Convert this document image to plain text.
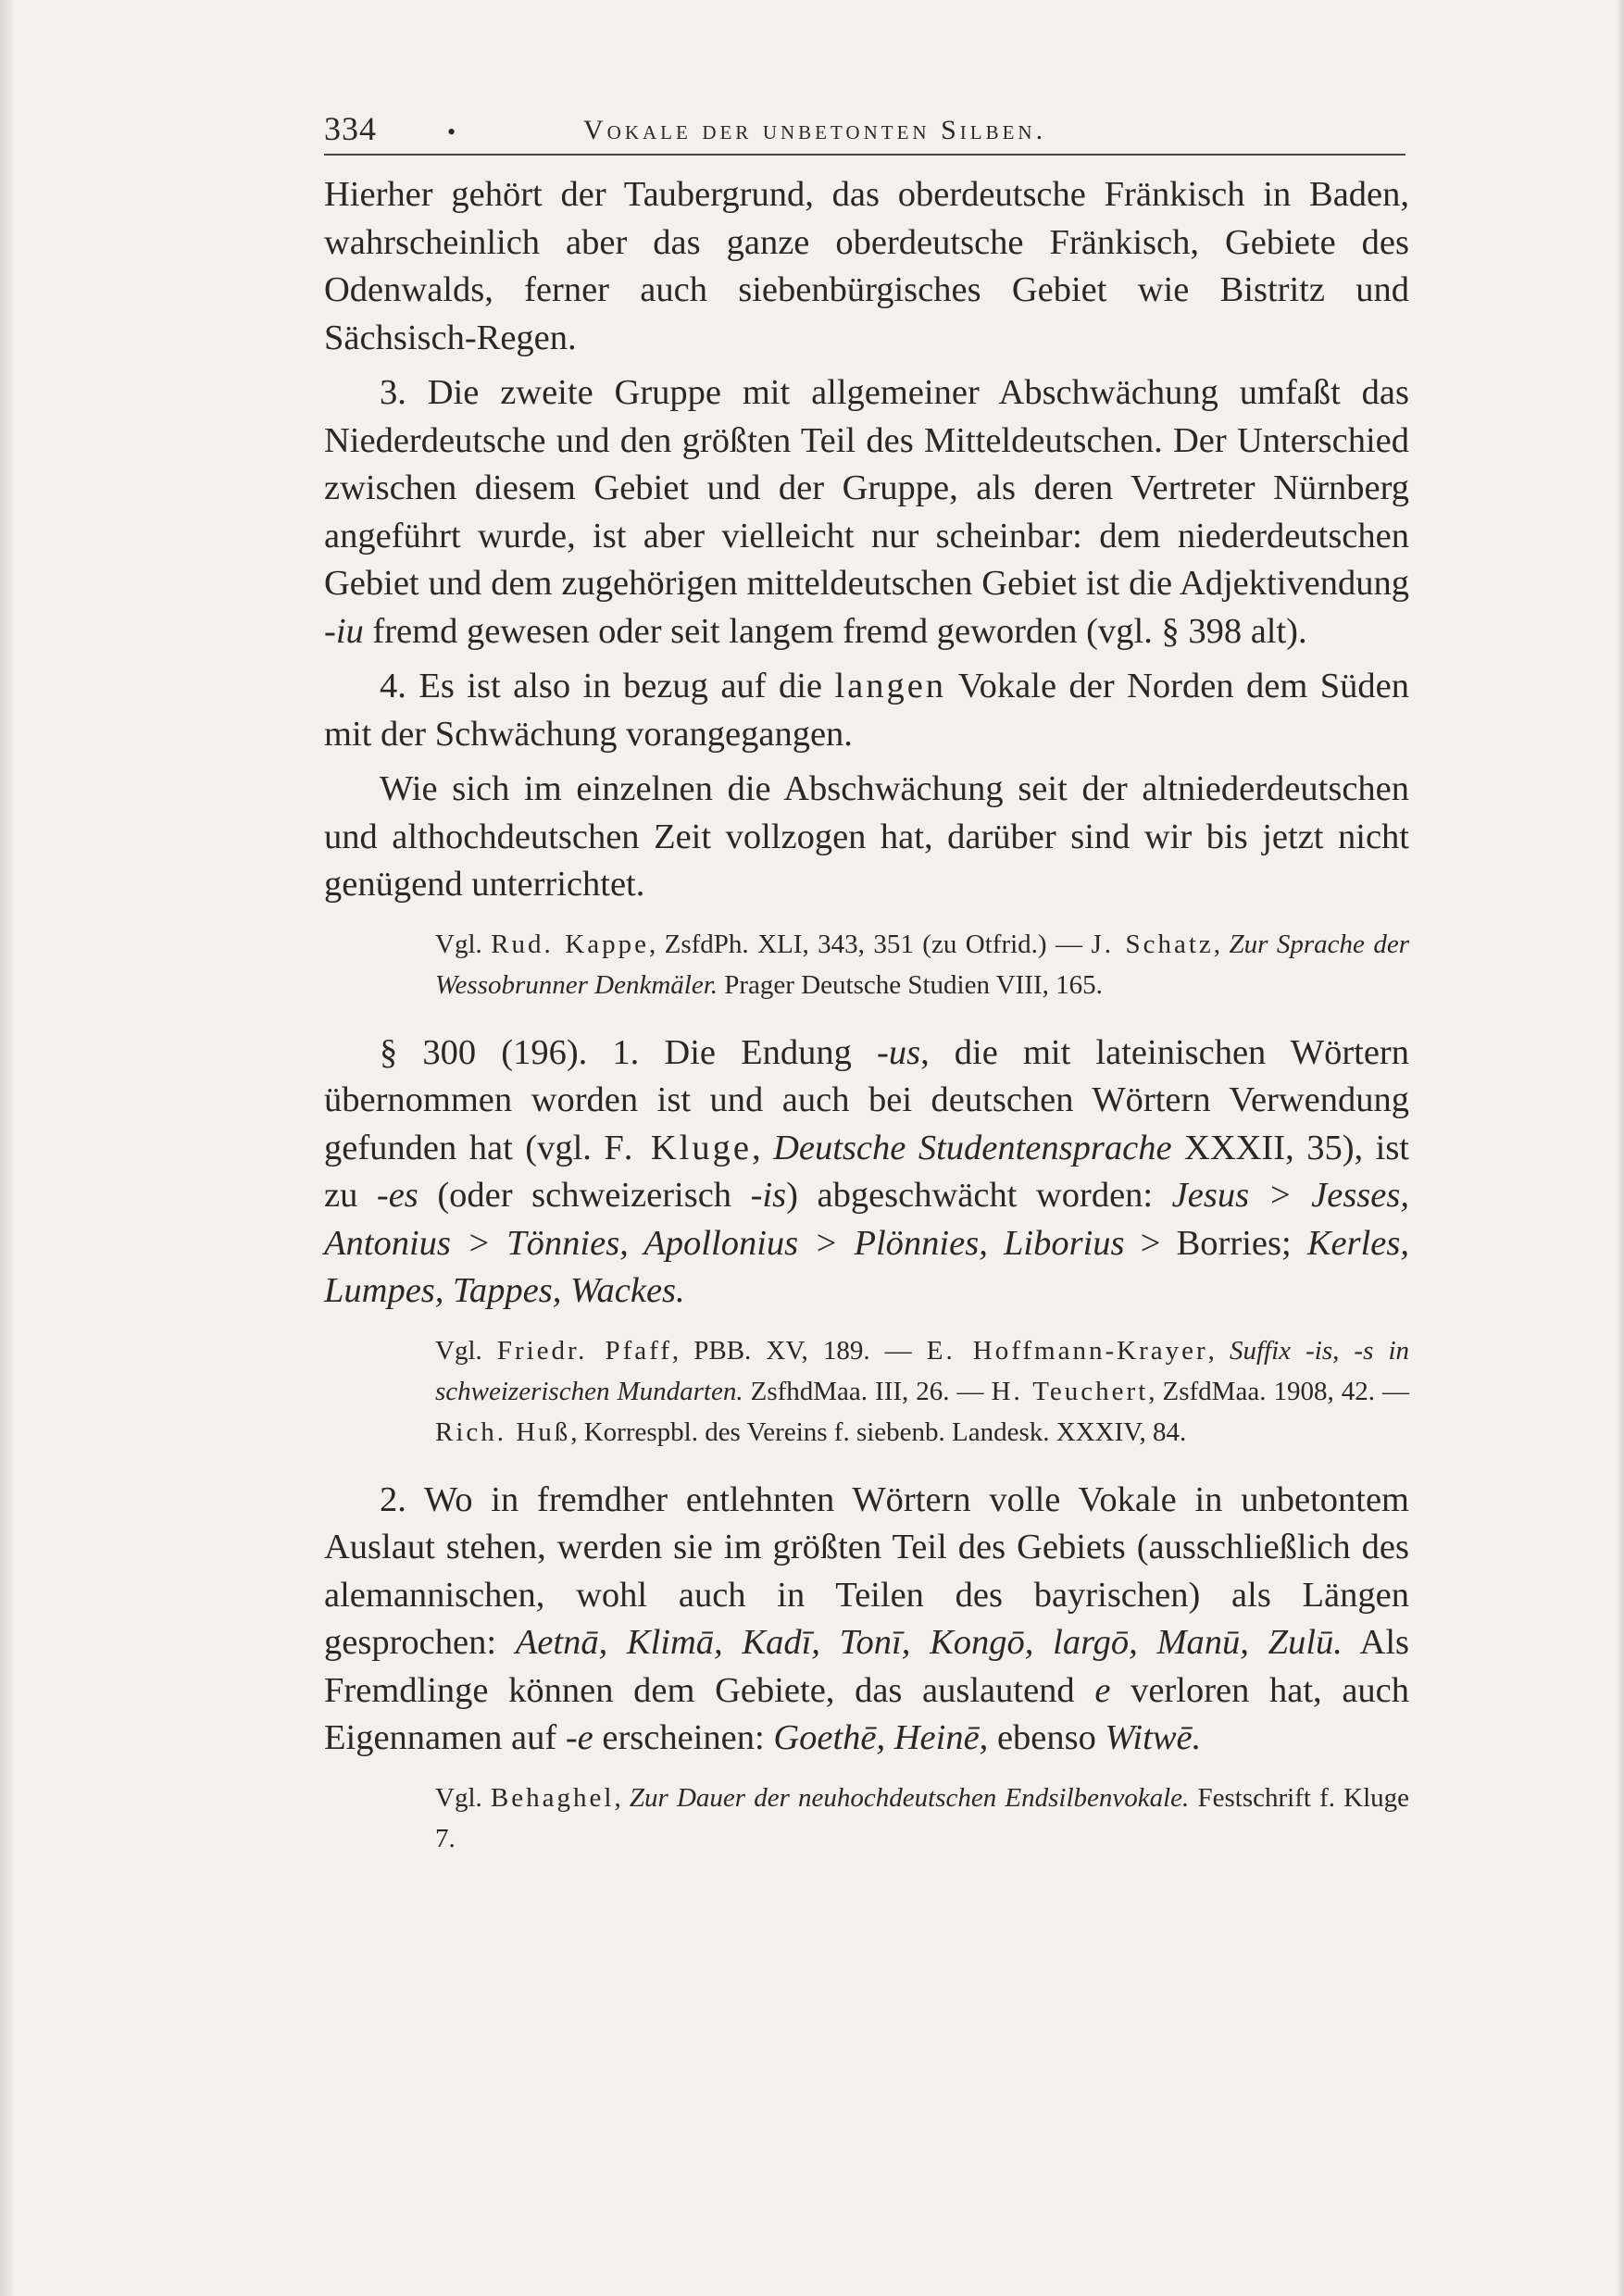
334	•	Vokale der unbetonten Silben.

Hierher gehört der Taubergrund, das oberdeutsche Fränkisch in Baden, wahrscheinlich aber das ganze oberdeutsche Fränkisch, Gebiete des Odenwalds, ferner auch siebenbürgisches Gebiet wie Bistritz und Sächsisch-Regen.

3. Die zweite Gruppe mit allgemeiner Abschwächung umfaßt das Niederdeutsche und den größten Teil des Mitteldeutschen. Der Unterschied zwischen diesem Gebiet und der Gruppe, als deren Vertreter Nürnberg angeführt wurde, ist aber vielleicht nur scheinbar: dem niederdeutschen Gebiet und dem zugehörigen mitteldeutschen Gebiet ist die Adjektivendung -iu fremd gewesen oder seit langem fremd geworden (vgl. § 398 alt).

4. Es ist also in bezug auf die langen Vokale der Norden dem Süden mit der Schwächung vorangegangen.

Wie sich im einzelnen die Abschwächung seit der altniederdeutschen und althochdeutschen Zeit vollzogen hat, darüber sind wir bis jetzt nicht genügend unterrichtet.

Vgl. Rud. Kappe, ZsfdPh. XLI, 343, 351 (zu Otfrid.) — J. Schatz, Zur Sprache der Wessobrunner Denkmäler. Prager Deutsche Studien VIII, 165.

§ 300 (196). 1. Die Endung -us, die mit lateinischen Wörtern übernommen worden ist und auch bei deutschen Wörtern Verwendung gefunden hat (vgl. F. Kluge, Deutsche Studentensprache XXXII, 35), ist zu -es (oder schweizerisch -is) abgeschwächt worden: Jesus > Jesses, Antonius > Tönnies, Apollonius > Plönnies, Liborius > Borries; Kerles, Lumpes, Tappes, Wackes.

Vgl. Friedr. Pfaff, PBB. XV, 189. — E. Hoffmann-Krayer, Suffix -is, -s in schweizerischen Mundarten. ZsfhdMaa. III, 26. — H. Teuchert, ZsfdMaa. 1908, 42. — Rich. Huß, Korrespbl. des Vereins f. siebenb. Landesk. XXXIV, 84.

2. Wo in fremdher entlehnten Wörtern volle Vokale in unbetontem Auslaut stehen, werden sie im größten Teil des Gebiets (ausschließlich des alemannischen, wohl auch in Teilen des bayrischen) als Längen gesprochen: Aetnā, Klimā, Kadī, Tonī, Kongō, largō, Manū, Zulū. Als Fremdlinge können dem Gebiete, das auslautend e verloren hat, auch Eigennamen auf -e erscheinen: Goethē, Heinē, ebenso Witwē.

Vgl. Behaghel, Zur Dauer der neuhochdeutschen Endsilbenvokale. Festschrift f. Kluge 7.
